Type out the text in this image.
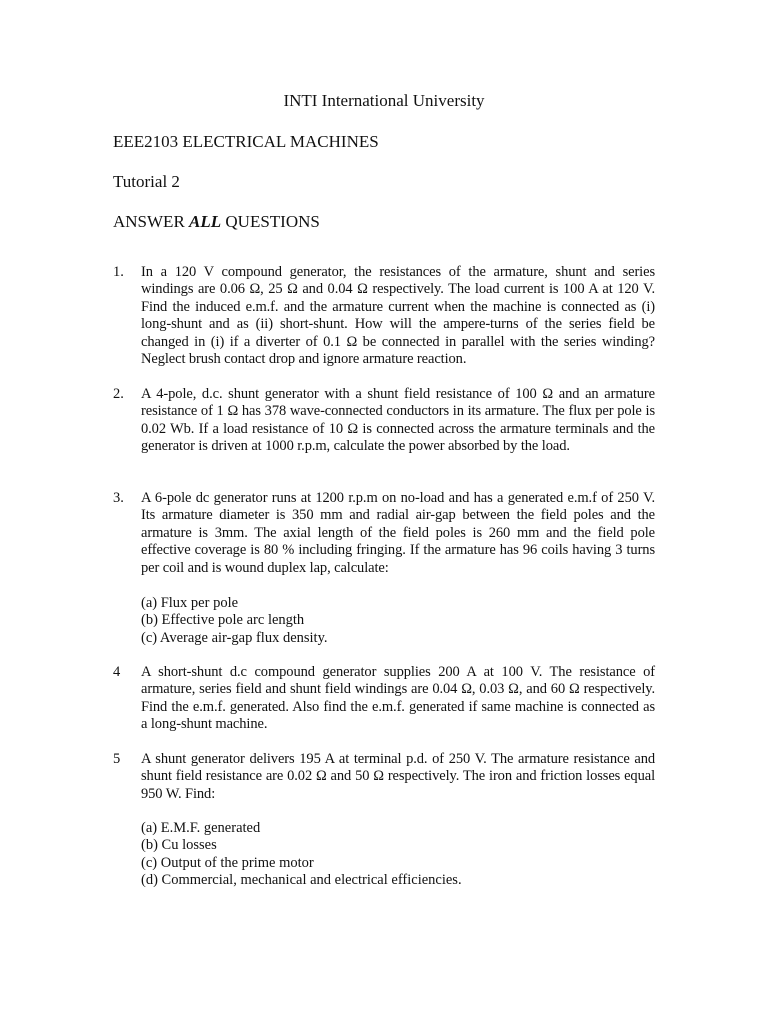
INTI International University
EEE2103 ELECTRICAL MACHINES
Tutorial 2
ANSWER ALL QUESTIONS
1. In a 120 V compound generator, the resistances of the armature, shunt and series windings are 0.06 Ω, 25 Ω and 0.04 Ω respectively. The load current is 100 A at 120 V. Find the induced e.m.f. and the armature current when the machine is connected as (i) long-shunt and as (ii) short-shunt. How will the ampere-turns of the series field be changed in (i) if a diverter of 0.1 Ω be connected in parallel with the series winding? Neglect brush contact drop and ignore armature reaction.
2. A 4-pole, d.c. shunt generator with a shunt field resistance of 100 Ω and an armature resistance of 1 Ω has 378 wave-connected conductors in its armature. The flux per pole is 0.02 Wb. If a load resistance of 10 Ω is connected across the armature terminals and the generator is driven at 1000 r.p.m, calculate the power absorbed by the load.
3. A 6-pole dc generator runs at 1200 r.p.m on no-load and has a generated e.m.f of 250 V. Its armature diameter is 350 mm and radial air-gap between the field poles and the armature is 3mm. The axial length of the field poles is 260 mm and the field pole effective coverage is 80 % including fringing. If the armature has 96 coils having 3 turns per coil and is wound duplex lap, calculate:
(a) Flux per pole
(b) Effective pole arc length
(c) Average air-gap flux density.
4 A short-shunt d.c compound generator supplies 200 A at 100 V. The resistance of armature, series field and shunt field windings are 0.04 Ω, 0.03 Ω, and 60 Ω respectively. Find the e.m.f. generated. Also find the e.m.f. generated if same machine is connected as a long-shunt machine.
5 A shunt generator delivers 195 A at terminal p.d. of 250 V. The armature resistance and shunt field resistance are 0.02 Ω and 50 Ω respectively. The iron and friction losses equal 950 W. Find:
(a) E.M.F. generated
(b) Cu losses
(c) Output of the prime motor
(d) Commercial, mechanical and electrical efficiencies.
